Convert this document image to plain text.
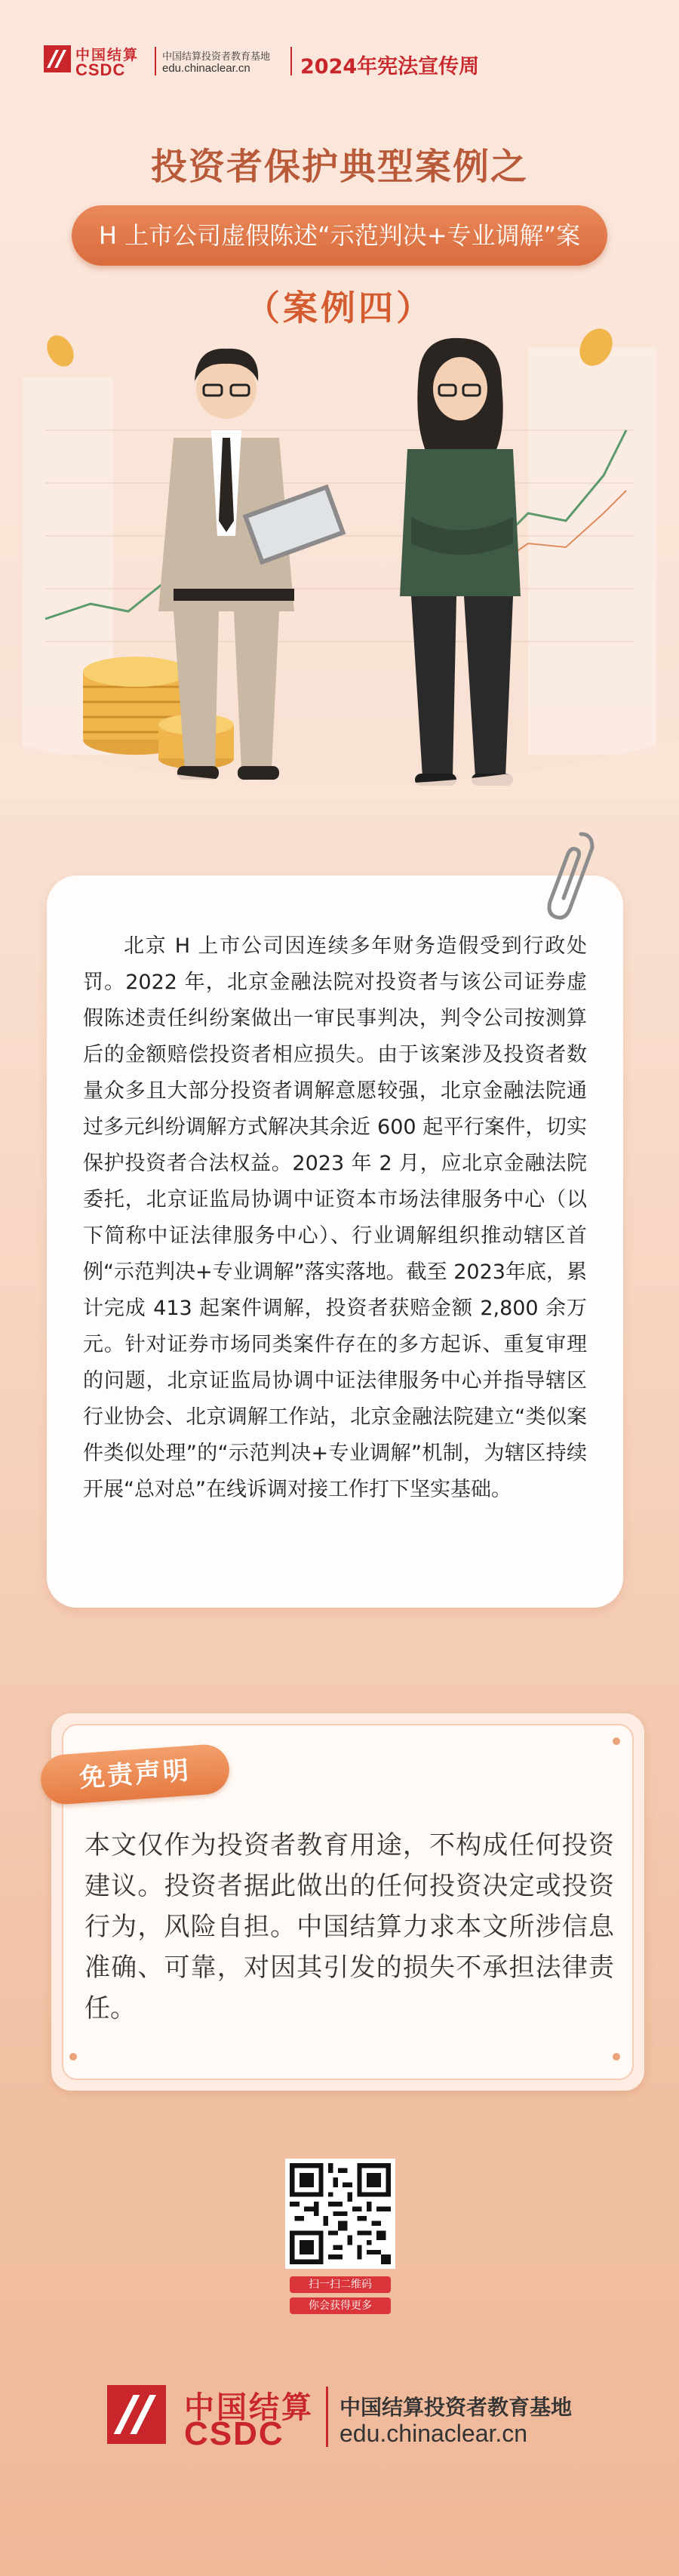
中国结算
CSDC
中国结算投资者教育基地
edu.chinaclear.cn 2024年宪法宣传周
投资者保护典型案例之
H 上市公司虚假陈述“示范判决+专业调解”案
（案例四）

北京 H 上市公司因连续多年财务造假受到行政处罚。2022 年，北京金融法院对投资者与该公司证券虚假陈述责任纠纷案做出一审民事判决，判令公司按测算后的金额赔偿投资者相应损失。由于该案涉及投资者数量众多且大部分投资者调解意愿较强，北京金融法院通过多元纠纷调解方式解决其余近 600 起平行案件，切实保护投资者合法权益。2023 年 2 月，应北京金融法院委托，北京证监局协调中证资本市场法律服务中心（以下简称中证法律服务中心）、行业调解组织推动辖区首例“示范判决+专业调解”落实落地。截至 2023年底，累计完成 413 起案件调解，投资者获赔金额 2,800 余万元。针对证券市场同类案件存在的多方起诉、重复审理的问题，北京证监局协调中证法律服务中心并指导辖区行业协会、北京调解工作站，北京金融法院建立“类似案件类似处理”的“示范判决+专业调解”机制，为辖区持续开展“总对总”在线诉调对接工作打下坚实基础。

免责声明
本文仅作为投资者教育用途，不构成任何投资建议。投资者据此做出的任何投资决定或投资行为，风险自担。中国结算力求本文所涉信息准确、可靠，对因其引发的损失不承担法律责任。
扫一扫二维码
你会获得更多
中国结算
CSDC
中国结算投资者教育基地
edu.chinaclear.cn
